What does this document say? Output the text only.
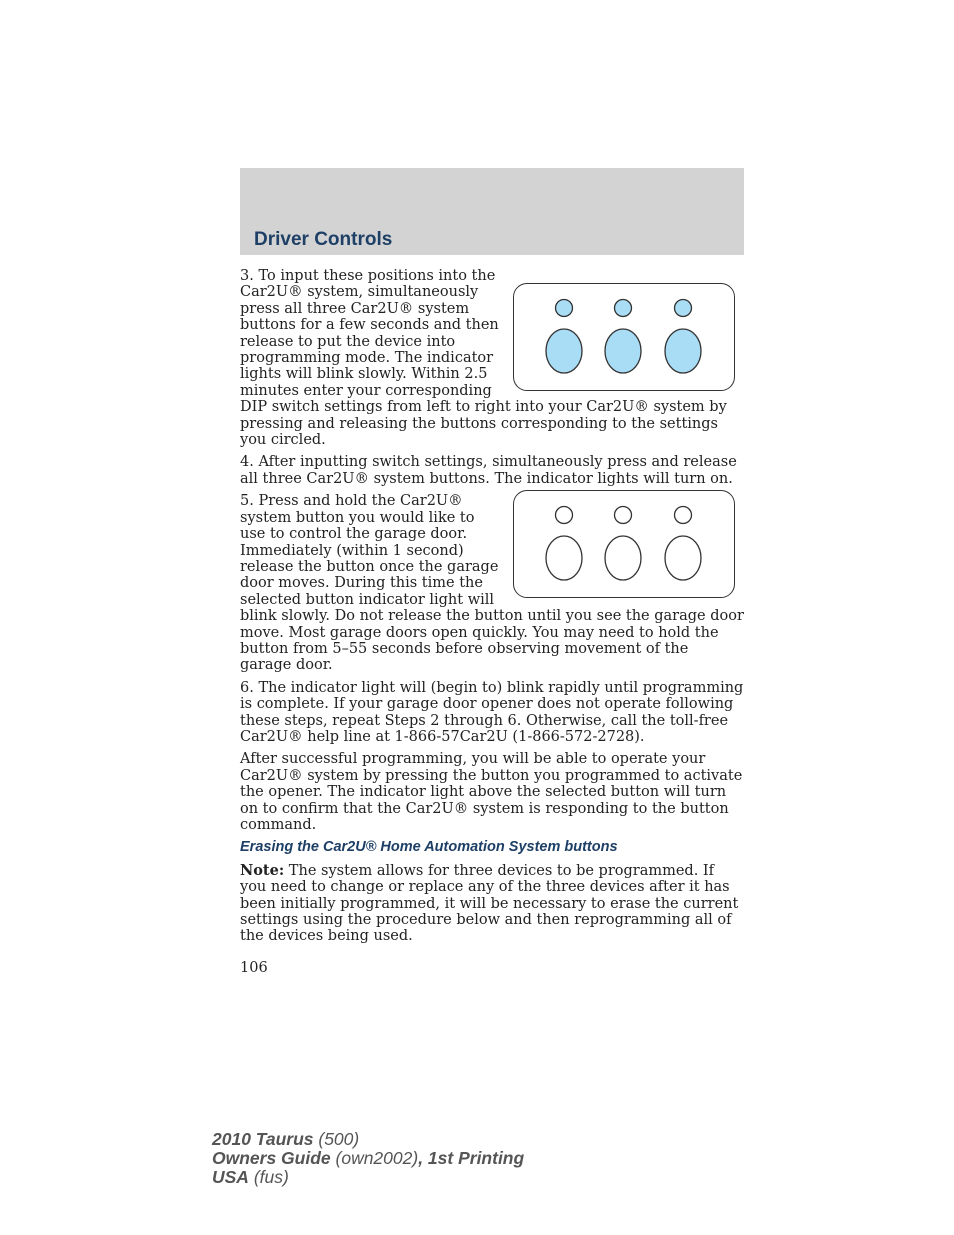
Driver Controls

3. To input these positions into the Car2U® system, simultaneously press all three Car2U® system buttons for a few seconds and then release to put the device into programming mode. The indicator lights will blink slowly. Within 2.5 minutes enter your corresponding DIP switch settings from left to right into your Car2U® system by pressing and releasing the buttons corresponding to the settings you circled.

4. After inputting switch settings, simultaneously press and release all three Car2U® system buttons. The indicator lights will turn on.

5. Press and hold the Car2U® system button you would like to use to control the garage door. Immediately (within 1 second) release the button once the garage door moves. During this time the selected button indicator light will blink slowly. Do not release the button until you see the garage door move. Most garage doors open quickly. You may need to hold the button from 5–55 seconds before observing movement of the garage door.

6. The indicator light will (begin to) blink rapidly until programming is complete. If your garage door opener does not operate following these steps, repeat Steps 2 through 6. Otherwise, call the toll-free Car2U® help line at 1-866-57Car2U (1-866-572-2728).

After successful programming, you will be able to operate your Car2U® system by pressing the button you programmed to activate the opener. The indicator light above the selected button will turn on to confirm that the Car2U® system is responding to the button command.

Erasing the Car2U® Home Automation System buttons

Note: The system allows for three devices to be programmed. If you need to change or replace any of the three devices after it has been initially programmed, it will be necessary to erase the current settings using the procedure below and then reprogramming all of the devices being used.

106
2010 Taurus (500)
Owners Guide (own2002), 1st Printing
USA (fus)
